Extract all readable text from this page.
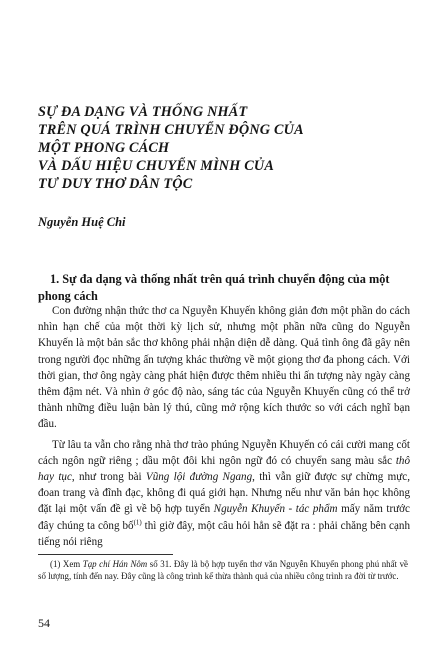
SỰ ĐA DẠNG VÀ THỐNG NHẤT
TRÊN QUÁ TRÌNH CHUYỂN ĐỘNG CỦA
MỘT PHONG CÁCH
VÀ DẤU HIỆU CHUYỂN MÌNH CỦA
TƯ DUY THƠ DÂN TỘC
Nguyễn Huệ Chi
1. Sự đa dạng và thống nhất trên quá trình chuyển động của một
phong cách

Con đường nhận thức thơ ca Nguyễn Khuyến không giản đơn một phần do cách nhìn hạn chế của một thời kỳ lịch sử, nhưng một phần nữa cũng do Nguyễn Khuyến là một bản sắc thơ không phải nhận diện dễ dàng. Quả tình ông đã gây nên trong người đọc những ấn tượng khác thường về một giọng thơ đa phong cách. Với thời gian, thơ ông ngày càng phát hiện được thêm nhiều thi ấn tượng này ngày càng thêm đậm nét. Và nhìn ở góc độ nào, sáng tác của Nguyễn Khuyến cũng có thể trở thành những điều luận bàn lý thú, cũng mở rộng kích thước so với cách nghĩ bạn đầu.

Từ lâu ta vẫn cho rằng nhà thơ trào phúng Nguyễn Khuyến có cái cười mang cốt cách ngôn ngữ riêng ; dầu một đôi khi ngôn ngữ đó có chuyển sang màu sắc thô hay tục, như trong bài Vũng lội đường Ngang, thì vẫn giữ được sự chừng mực, đoan trang và đĩnh đạc, không đi quá giới hạn. Nhưng nếu như văn bản học không đặt lại một vấn đề gì về bộ hợp tuyển Nguyễn Khuyến - tác phẩm mấy năm trước đây chúng ta công bố$^{(1)}$ thì giờ đây, một câu hỏi hẳn sẽ đặt ra : phải chăng bên cạnh tiếng nói riêng

(1) Xem Tạp chí Hán Nôm số 31. Đây là bộ hợp tuyển thơ văn Nguyễn Khuyến phong phú nhất về số lượng, tính đến nay. Đây cũng là công trình kế thừa thành quả của nhiều công trình ra đời từ trước.

54
